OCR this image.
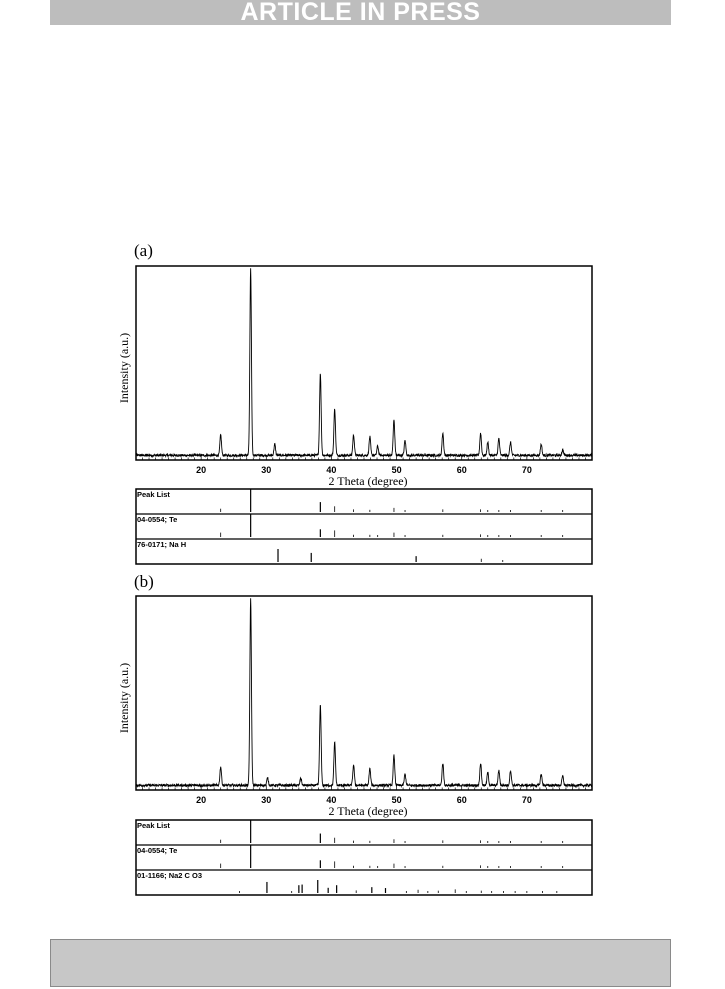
ARTICLE IN PRESS
(a)
Intensity (a.u.)
20	30	40	50	60	70
2 Theta (degree)
Peak List
04-0554; Te
76-0171; Na H
(b)
Intensity (a.u.)
20	30	40	50	60	70
2 Theta (degree)
Peak List
04-0554; Te
01-1166; Na2 C O3
